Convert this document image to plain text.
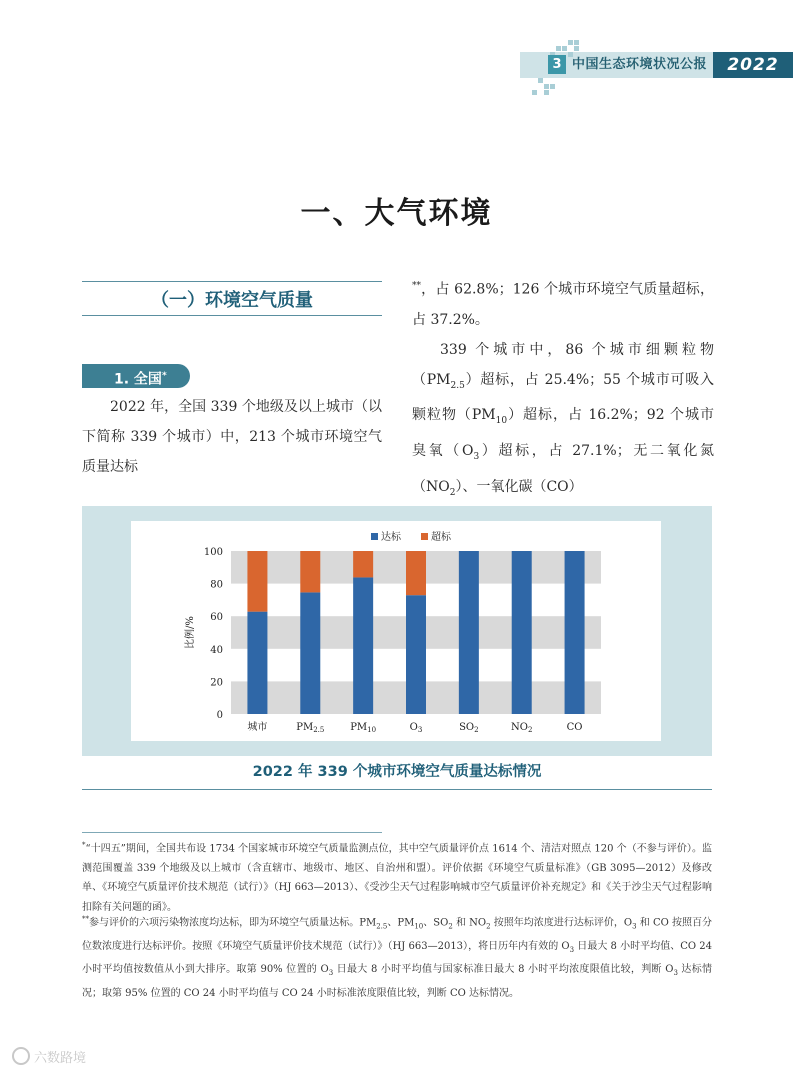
3 中国生态环境状况公报	2022
一、大气环境
（一）环境空气质量
1. 全国*

2022 年，全国 339 个地级及以上城市（以下简称 339 个城市）中，213 个城市环境空气质量达标

**，占 62.8%；126 个城市环境空气质量超标，占 37.2%。

339 个城市中，86 个城市细颗粒物$(PM_{2.5})$超标，占 25.4%；55 个城市可吸入颗粒物$(PM_{10})$超标，占 16.2%；92 个城市臭氧$(O_3)$超标，占 27.1%；无二氧化氮$(NO_2)$、一氧化碳（CO）

0
20
40
60
80
100
比例/%
城市	$PM_{2.5}$	$PM_{10}$	$O_3$	$SO_2$	$NO_2$	CO
达标	超标
2022 年 339 个城市环境空气质量达标情况

*“十四五”期间，全国共布设 1734 个国家城市环境空气质量监测点位，其中空气质量评价点 1614 个、清洁对照点 120 个（不参与评价）。监测范围覆盖 339 个地级及以上城市（含直辖市、地级市、地区、自治州和盟）。评价依据《环境空气质量标准》（GB 3095—2012）及修改单、《环境空气质量评价技术规范（试行）》（HJ 663—2013）、《受沙尘天气过程影响城市空气质量评价补充规定》和《关于沙尘天气过程影响扣除有关问题的函》。

**参与评价的六项污染物浓度均达标，即为环境空气质量达标。$PM_{2.5}$、$PM_{10}$、$SO_2$ 和 $NO_2$ 按照年均浓度进行达标评价，$O_3$ 和 CO 按照百分位数浓度进行达标评价。按照《环境空气质量评价技术规范（试行）》（HJ 663—2013），将日历年内有效的 $O_3$ 日最大 8 小时平均值、CO 24 小时平均值按数值从小到大排序。取第 90% 位置的 $O_3$ 日最大 8 小时平均值与国家标准日最大 8 小时平均浓度限值比较，判断 $O_3$ 达标情况；取第 95% 位置的 CO 24 小时平均值与 CO 24 小时标准浓度限值比较，判断 CO 达标情况。

六数路境
